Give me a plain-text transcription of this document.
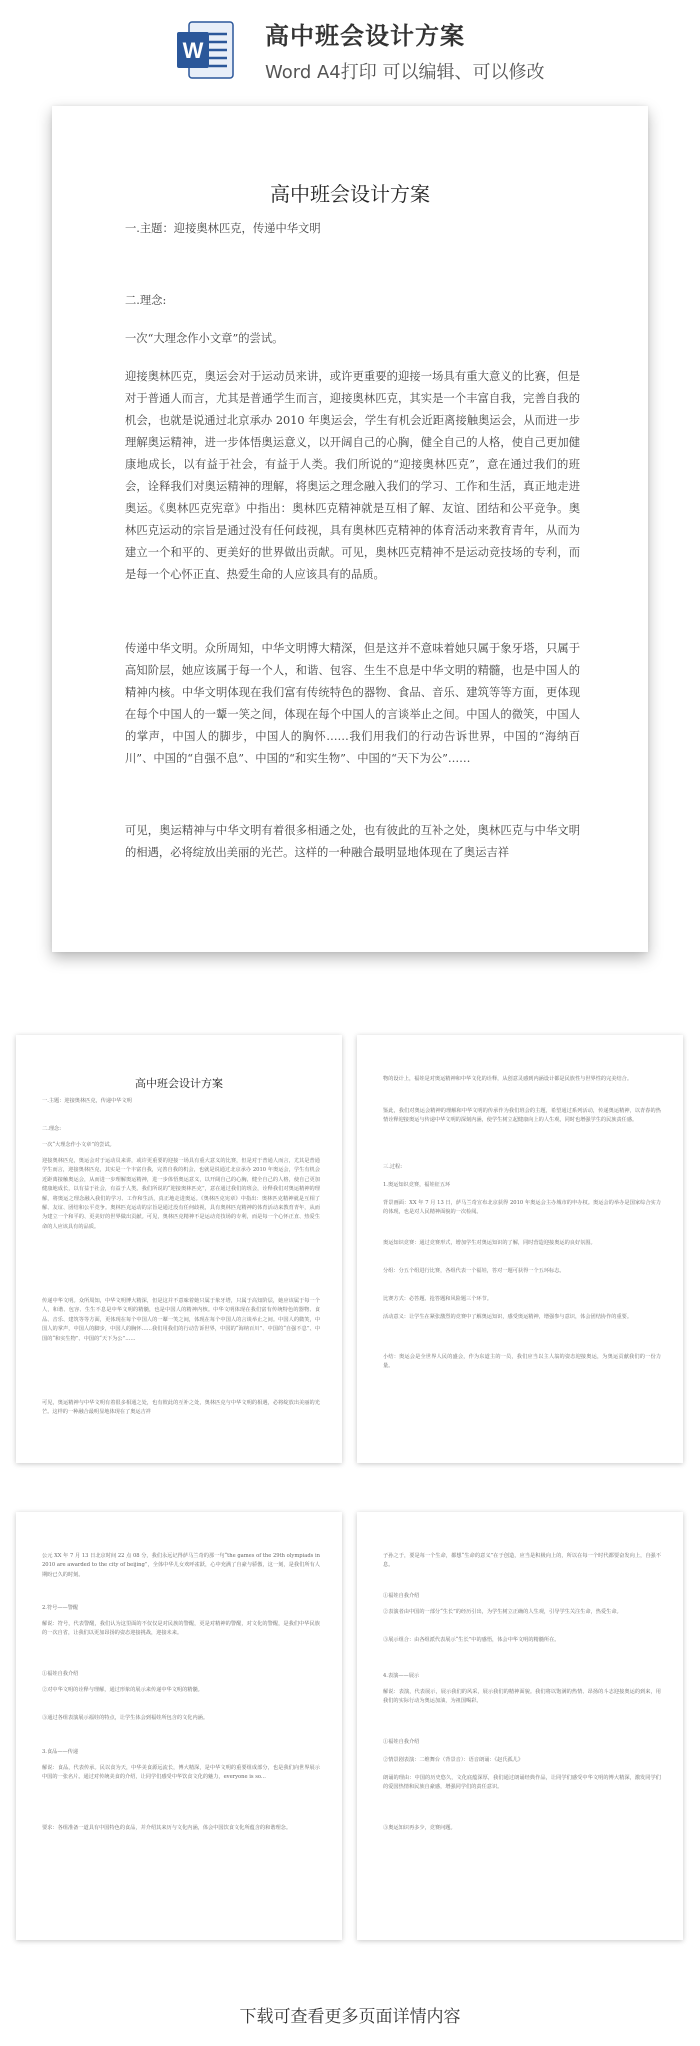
W
高中班会设计方案
Word A4打印 可以编辑、可以修改
高中班会设计方案
一.主题：迎接奥林匹克，传递中华文明
二.理念:
一次“大理念作小文章”的尝试。
迎接奥林匹克，奥运会对于运动员来讲，或许更重要的迎接一场具有重大意义的比赛，但是对于普通人而言，尤其是普通学生而言，迎接奥林匹克，其实是一个丰富自我，完善自我的机会，也就是说通过北京承办 2010 年奥运会，学生有机会近距离接触奥运会，从而进一步理解奥运精神，进一步体悟奥运意义，以开阔自己的心胸，健全自己的人格，使自己更加健康地成长，以有益于社会，有益于人类。我们所说的“迎接奥林匹克”，意在通过我们的班会，诠释我们对奥运精神的理解，将奥运之理念融入我们的学习、工作和生活，真正地走进奥运。《奥林匹克宪章》中指出：奥林匹克精神就是互相了解、友谊、团结和公平竞争。奥林匹克运动的宗旨是通过没有任何歧视，具有奥林匹克精神的体育活动来教育青年，从而为建立一个和平的、更美好的世界做出贡献。可见，奥林匹克精神不是运动竞技场的专利，而是每一个心怀正直、热爱生命的人应该具有的品质。
传递中华文明。众所周知，中华文明博大精深，但是这并不意味着她只属于象牙塔，只属于高知阶层，她应该属于每一个人，和谐、包容、生生不息是中华文明的精髓，也是中国人的精神内核。中华文明体现在我们富有传统特色的器物、食品、音乐、建筑等等方面，更体现在每个中国人的一颦一笑之间，体现在每个中国人的言谈举止之间。中国人的微笑，中国人的掌声，中国人的脚步，中国人的胸怀……我们用我们的行动告诉世界，中国的“海纳百川”、中国的“自强不息”、中国的“和实生物”、中国的“天下为公”……
可见，奥运精神与中华文明有着很多相通之处，也有彼此的互补之处，奥林匹克与中华文明的相遇，必将绽放出美丽的光芒。这样的一种融合最明显地体现在了奥运吉祥
高中班会设计方案
一.主题：迎接奥林匹克，传递中华文明
二.理念:
一次“大理念作小文章”的尝试。
迎接奥林匹克，奥运会对于运动员来讲，或许更重要的迎接一场具有重大意义的比赛，但是对于普通人而言，尤其是普通学生而言，迎接奥林匹克，其实是一个丰富自我，完善自我的机会，也就是说通过北京承办 2010 年奥运会，学生有机会近距离接触奥运会，从而进一步理解奥运精神，进一步体悟奥运意义，以开阔自己的心胸，健全自己的人格，使自己更加健康地成长，以有益于社会，有益于人类。我们所说的“迎接奥林匹克”，意在通过我们的班会，诠释我们对奥运精神的理解，将奥运之理念融入我们的学习、工作和生活，真正地走进奥运。《奥林匹克宪章》中指出：奥林匹克精神就是互相了解、友谊、团结和公平竞争。奥林匹克运动的宗旨是通过没有任何歧视，具有奥林匹克精神的体育活动来教育青年，从而为建立一个和平的、更美好的世界做出贡献。可见，奥林匹克精神不是运动竞技场的专利，而是每一个心怀正直、热爱生命的人应该具有的品质。
传递中华文明。众所周知，中华文明博大精深，但是这并不意味着她只属于象牙塔，只属于高知阶层，她应该属于每一个人，和谐、包容、生生不息是中华文明的精髓，也是中国人的精神内核。中华文明体现在我们富有传统特色的器物、食品、音乐、建筑等等方面，更体现在每个中国人的一颦一笑之间，体现在每个中国人的言谈举止之间。中国人的微笑，中国人的掌声，中国人的脚步，中国人的胸怀……我们用我们的行动告诉世界，中国的“海纳百川”、中国的“自强不息”、中国的“和实生物”、中国的“天下为公”……
可见，奥运精神与中华文明有着很多相通之处，也有彼此的互补之处，奥林匹克与中华文明的相遇，必将绽放出美丽的光芒。这样的一种融合最明显地体现在了奥运吉祥
物的设计上，福娃是对奥运精神和中华文化的诠释，从创意灵感到内涵设计都是民族性与世界性的完美结合。
鉴此，我们对奥运会精神的理解和中华文明的传承作为我们班会的主题，希望通过系列活动，传递奥运精神，以青春的热情诠释迎接奥运与传递中华文明的深刻内涵，使学生树立起健康向上的人生观，同时也增强学生的民族责任感。
三.过程:
1.奥运知识竞赛，福娃征五环
背景画面：XX 年 7 月 13 日，萨马兰奇宣布北京获得 2010 年奥运会主办城市的申办权。奥运会的举办是国家综合实力的体现，也是对人民精神面貌的一次检阅。
奥运知识竞赛：通过竞赛形式，增加学生对奥运知识的了解，同时营造迎接奥运的良好氛围。
分组：分五个组进行比赛，各组代表一个福娃，答对一题可获得一个五环标志。
比赛方式：必答题、抢答题和风险题三个环节。
活动意义：让学生在紧张激烈的竞赛中了解奥运知识，感受奥运精神，增强参与意识，体会团结协作的重要。
小结：奥运会是全世界人民的盛会，作为东道主的一员，我们应当以主人翁的姿态迎接奥运，为奥运贡献我们的一份力量。
公元 XX 年 7 月 13 日北京时间 22 点 08 分，我们永远记得萨马兰奇的那一句“the games of the 29th olympiads in 2010 are awarded to the city of beijing”，全体中华儿女欢呼雀跃，心中充满了自豪与骄傲，这一刻，是我们所有人期盼已久的时刻。
2.符号——警醒
解说：符号，代表警醒，我们认为这里面的不仅仅是对民族的警醒，更是对精神的警醒，对文化的警醒，是我们中华民族的一次自省，让我们以更加昂扬的姿态迎接挑战，迎接未来。
①福娃自我介绍
②对中华文明的诠释与理解，通过形象的展示来传递中华文明的精髓。
③通过各组表演展示福娃的特点，让学生体会到福娃所包含的文化内涵。
3.食品——传递
解说：食品，代表传承。民以食为天，中华美食源远流长，博大精深，是中华文明的重要组成部分，也是我们向世界展示中国的一张名片。通过对传统美食的介绍，让同学们感受中华饮食文化的魅力，everyone is so...
要求：各组准备一道具有中国特色的食品，并介绍其来历与文化内涵，体会中国饮食文化所蕴含的和谐理念。
子孙之于，要是每一个生命，都想“生命的意义”在于创造，应当是积极向上的，所以在每一个时代都要奋发向上，自强不息。
①福娃自我介绍
②表演者由中国的一部分“生长”的经历引出，为学生树立正确的人生观，引导学生关注生命，热爱生命。
③展示组合：由各组派代表展示“生长”中的感悟，体会中华文明的精髓所在。
4.表演——展示
解说：表演，代表展示，展示我们的风采，展示我们的精神面貌。我们将以饱满的热情、昂扬的斗志迎接奥运的到来，用我们的实际行动为奥运加油，为祖国喝彩。
①福娃自我介绍
②情景剧表演：二维舞台（背景音）：语音朗诵：《赵氏孤儿》
朗诵的理由：中国的历史悠久，文化底蕴深厚，我们通过朗诵经典作品，让同学们感受中华文明的博大精深，激发同学们的爱国热情和民族自豪感，增强同学们的责任意识。
③奥运知识再多少，竞赛问题。
下载可查看更多页面详情内容
